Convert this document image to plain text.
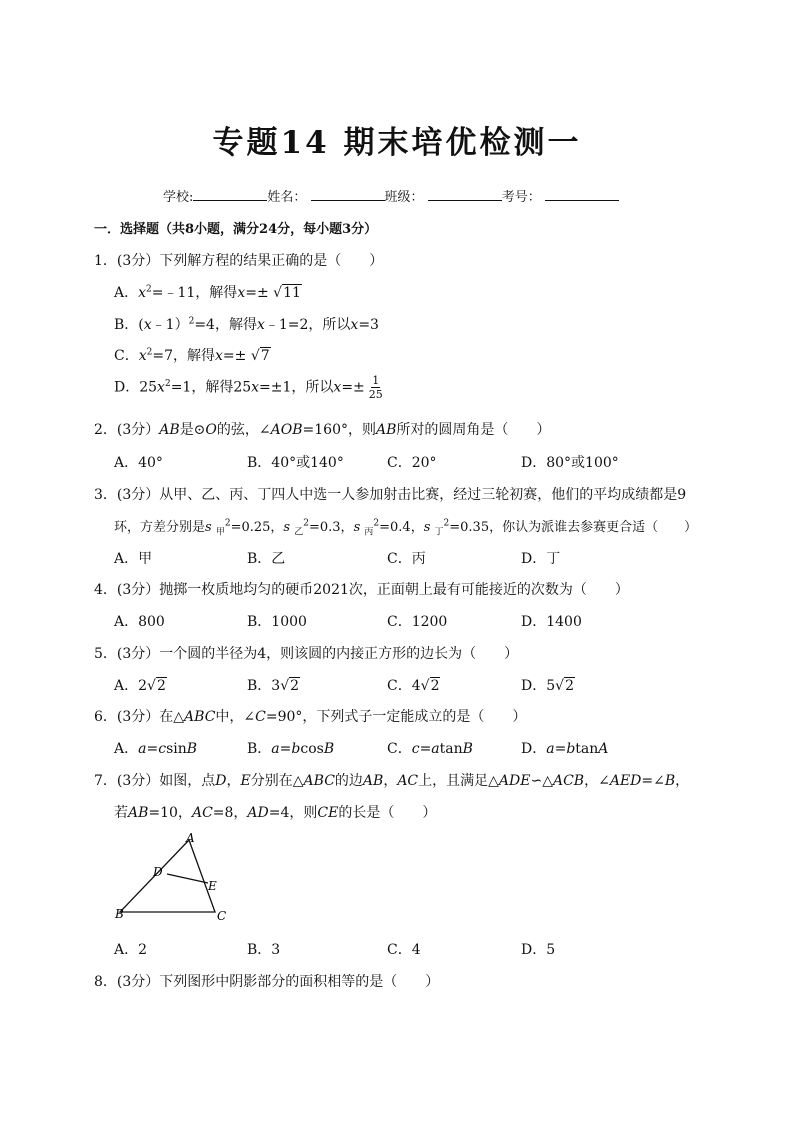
专题14 期末培优检测一
学校:	姓名：	班级：	考号：
一．选择题（共8小题，满分24分，每小题3分）
1．(3分）下列解方程的结果正确的是（　　）
A．$x^2=﹣11$，解得x=± √11
B．(x﹣1）$^2$=4，解得x﹣1=2，所以x=3
C．$x^2=7$，解得x=± √7
D．$25x^2=1$，解得25x=±1，所以$x=\pm \frac{1}{25}$
2．(3分）AB是⊙O的弦，∠AOB=160°，则AB所对的圆周角是（　　）
A．40°	B．40°或140°	C．20°	D．80°或100°
3．(3分）从甲、乙、丙、丁四人中选一人参加射击比赛，经过三轮初赛，他们的平均成绩都是9
环，方差分别是s $_甲^2$=0.25，s $_乙^2$=0.3，s $_丙^2$=0.4，s $_丁^2$=0.35，你认为派谁去参赛更合适（　　）
A．甲	B．乙	C．丙	D．丁
4．(3分）抛掷一枚质地均匀的硬币2021次，正面朝上最有可能接近的次数为（　　）
A．800	B．1000	C．1200	D．1400
5．(3分）一个圆的半径为4，则该圆的内接正方形的边长为（　　）
A．2√2	B．3√2	C．4√2	D．5√2
6．(3分）在△ABC中，∠C=90°，下列式子一定能成立的是（　　）
A．a=csinB	B．a=bcosB	C．c=atanB	D．a=btanA
7．(3分）如图，点D，E分别在△ABC的边AB，AC上，且满足△ADE∽△ACB，∠AED=∠B，
若AB=10，AC=8，AD=4，则CE的长是（　　）
A
D
E
B	C
A．2	B．3	C．4	D．5
8．(3分）下列图形中阴影部分的面积相等的是（　　）
